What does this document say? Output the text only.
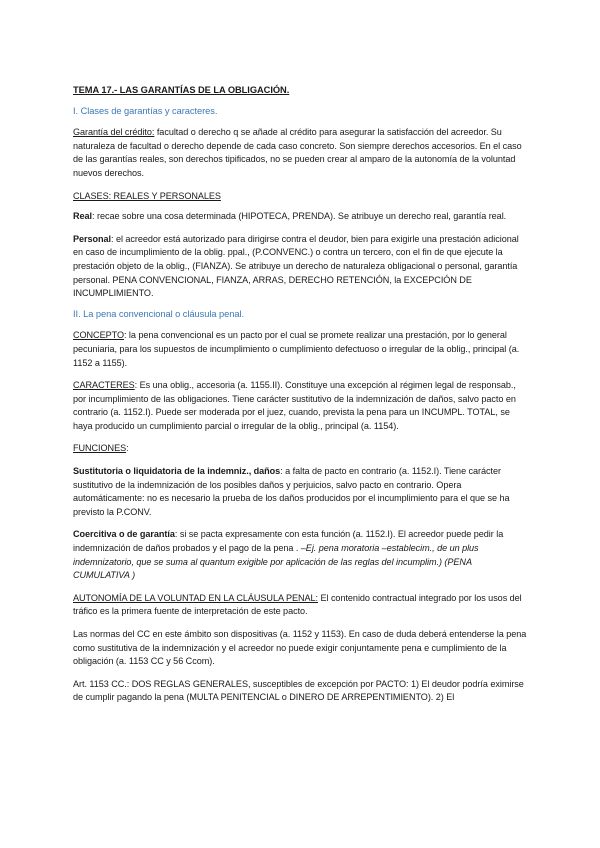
TEMA 17.- LAS GARANTÍAS DE LA OBLIGACIÓN.

I. Clases de garantías y caracteres.

Garantía del crédito: facultad o derecho q se añade al crédito para asegurar la satisfacción del acreedor. Su naturaleza de facultad o derecho depende de cada caso concreto. Son siempre derechos accesorios. En el caso de las garantías reales, son derechos tipificados, no se pueden crear al amparo de la autonomía de la voluntad nuevos derechos.

CLASES: REALES Y PERSONALES

Real: recae sobre una cosa determinada (HIPOTECA, PRENDA). Se atribuye un derecho real, garantía real.

Personal: el acreedor está autorizado para dirigirse contra el deudor, bien para exigirle una prestación adicional en caso de incumplimiento de la oblig. ppal., (P.CONVENC.) o contra un tercero, con el fin de que ejecute la prestación objeto de la oblig., (FIANZA). Se atribuye un derecho de naturaleza obligacional o personal, garantía personal. PENA CONVENCIONAL, FIANZA, ARRAS, DERECHO RETENCIÓN, la EXCEPCIÓN DE INCUMPLIMIENTO.

II. La pena convencional o cláusula penal.

CONCEPTO: la pena convencional es un pacto por el cual se promete realizar una prestación, por lo general pecuniaria, para los supuestos de incumplimiento o cumplimiento defectuoso o irregular de la oblig., principal (a. 1152 a 1155).

CARACTERES: Es una oblig., accesoria (a. 1155.II). Constituye una excepción al régimen legal de responsab., por incumplimiento de las obligaciones. Tiene carácter sustitutivo de la indemnización de daños, salvo pacto en contrario (a. 1152.I). Puede ser moderada por el juez, cuando, prevista la pena para un INCUMPL. TOTAL, se haya producido un cumplimiento parcial o irregular de la oblig., principal (a. 1154).

FUNCIONES:

Sustitutoria o liquidatoria de la indemniz., daños: a falta de pacto en contrario (a. 1152.I). Tiene carácter sustitutivo de la indemnización de los posibles daños y perjuicios, salvo pacto en contrario. Opera automáticamente: no es necesario la prueba de los daños producidos por el incumplimiento para el que se ha previsto la P.CONV.

Coercitiva o de garantía: si se pacta expresamente con esta función (a. 1152.I). El acreedor puede pedir la indemnización de daños probados y el pago de la pena . –Ej. pena moratoria –establecim., de un plus indemnizatorio, que se suma al quantum exigible por aplicación de las reglas del incumplim.) (PENA CUMULATIVA )

AUTONOMÍA DE LA VOLUNTAD EN LA CLÁUSULA PENAL: El contenido contractual integrado por los usos del tráfico es la primera fuente de interpretación de este pacto.

Las normas del CC en este ámbito son dispositivas (a. 1152 y 1153). En caso de duda deberá entenderse la pena como sustitutiva de la indemnización y el acreedor no puede exigir conjuntamente pena e cumplimiento de la obligación (a. 1153 CC y 56 Ccom).

Art. 1153 CC.: DOS REGLAS GENERALES, susceptibles de excepción por PACTO: 1) El deudor podría eximirse de cumplir pagando la pena (MULTA PENITENCIAL o DINERO DE ARREPENTIMIENTO). 2) El
